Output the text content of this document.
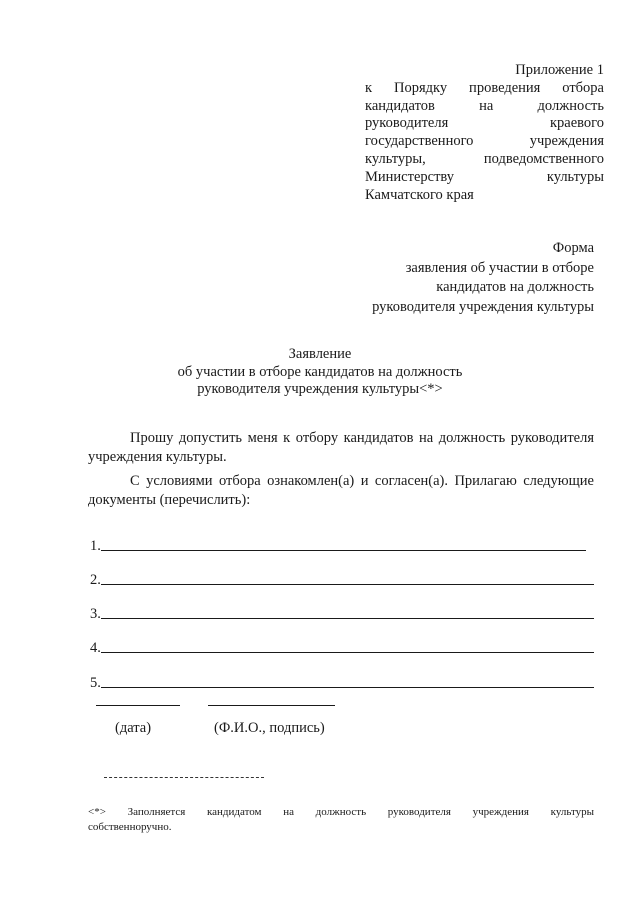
Приложение 1
к Порядку проведения отбора
кандидатов на должность
руководителя краевого
государственного учреждения
культуры, подведомственного
Министерству культуры
Камчатского края
Форма
заявления об участии в отборе
кандидатов на должность
руководителя учреждения культуры
Заявление
об участии в отборе кандидатов на должность
руководителя учреждения культуры<*>
Прошу допустить меня к отбору кандидатов на должность руководителя учреждения культуры.
С условиями отбора ознакомлен(а) и согласен(а). Прилагаю следующие документы (перечислить):
1.
2.
3.
4.
5.
(дата)	(Ф.И.О., подпись)
<*> Заполняется кандидатом на должность руководителя учреждения культуры собственноручно.
